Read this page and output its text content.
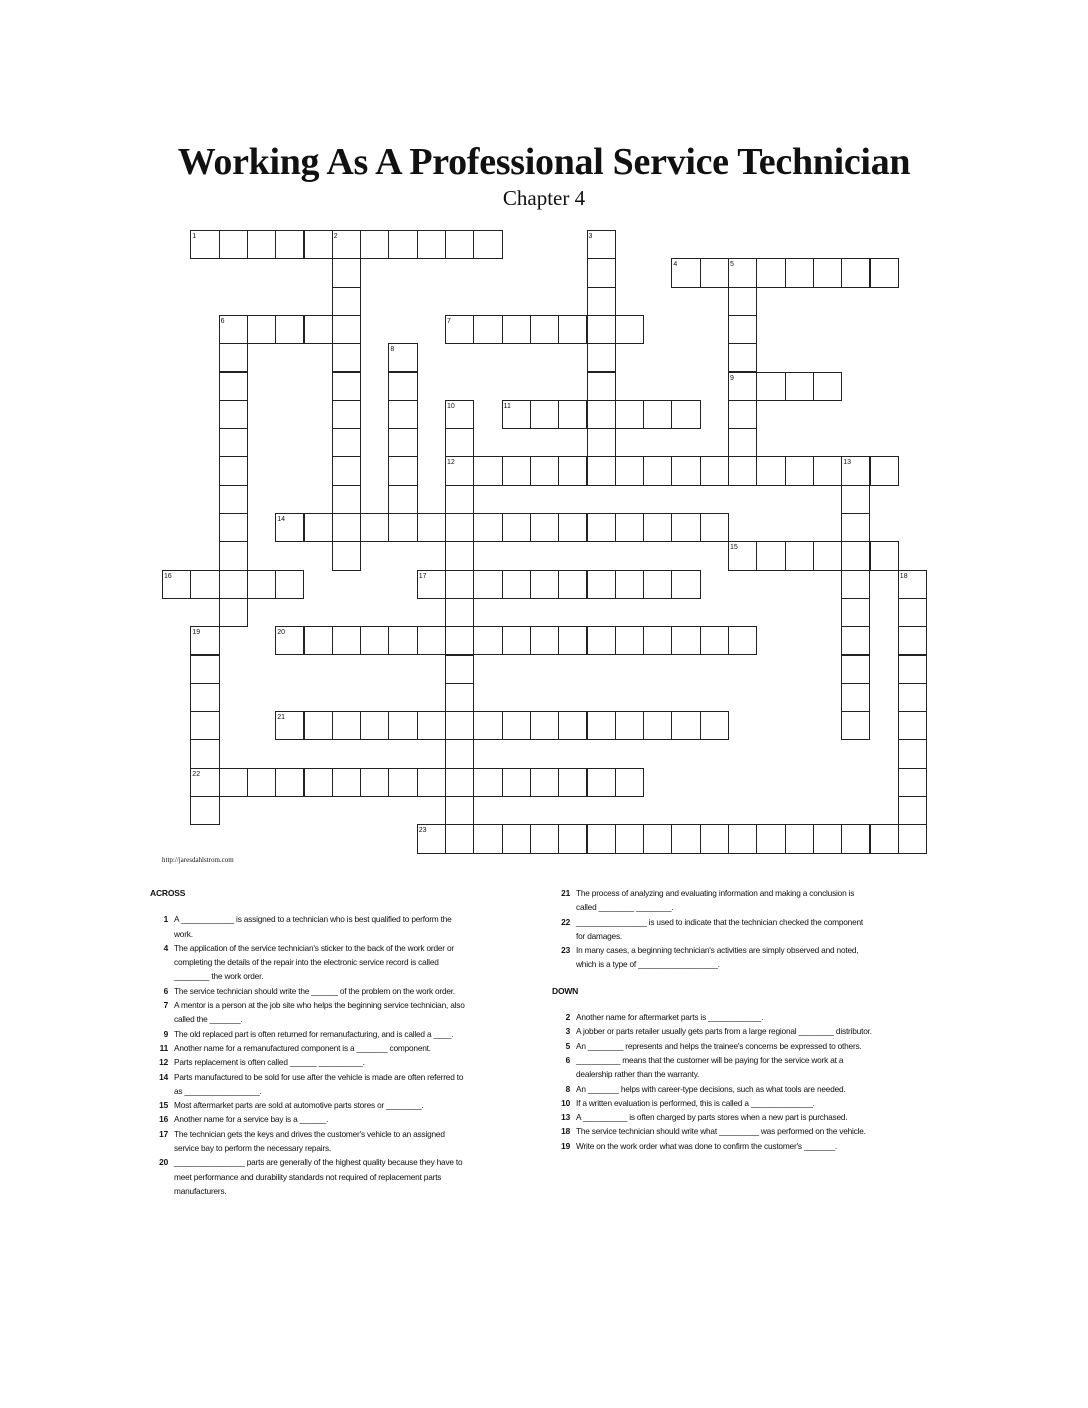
Working As A Professional Service Technician
Chapter 4
1	2	3
4	5
6	7
8
9
10	11
12	13
14
15
16	17	18
19	20
21
22
23
http://jaresdahlstrom.com
ACROSS
1 A ____________ is assigned to a technician who is best qualified to perform the work.
4 The application of the service technician's sticker to the back of the work order or completing the details of the repair into the electronic service record is called ________ the work order.
6 The service technician should write the ______ of the problem on the work order.
7 A mentor is a person at the job site who helps the beginning service technician, also called the _______.
9 The old replaced part is often returned for remanufacturing, and is called a ____.
11 Another name for a remanufactured component is a _______ component.
12 Parts replacement is often called ______ __________.
14 Parts manufactured to be sold for use after the vehicle is made are often referred to as _________________.
15 Most aftermarket parts are sold at automotive parts stores or ________.
16 Another name for a service bay is a ______.
17 The technician gets the keys and drives the customer's vehicle to an assigned service bay to perform the necessary repairs.
20 ________________ parts are generally of the highest quality because they have to meet performance and durability standards not required of replacement parts manufacturers.
21 The process of analyzing and evaluating information and making a conclusion is called ________ ________.
22 ________________ is used to indicate that the technician checked the component for damages.
23 In many cases, a beginning technician's activities are simply observed and noted, which is a type of __________________.
DOWN
2 Another name for aftermarket parts is ____________.
3 A jobber or parts retailer usually gets parts from a large regional ________ distributor.
5 An ________ represents and helps the trainee's concerns be expressed to others.
6 __________ means that the customer will be paying for the service work at a dealership rather than the warranty.
8 An _______ helps with career-type decisions, such as what tools are needed.
10 If a written evaluation is performed, this is called a ______________.
13 A __________ is often charged by parts stores when a new part is purchased.
18 The service technician should write what _________ was performed on the vehicle.
19 Write on the work order what was done to confirm the customer's _______.
